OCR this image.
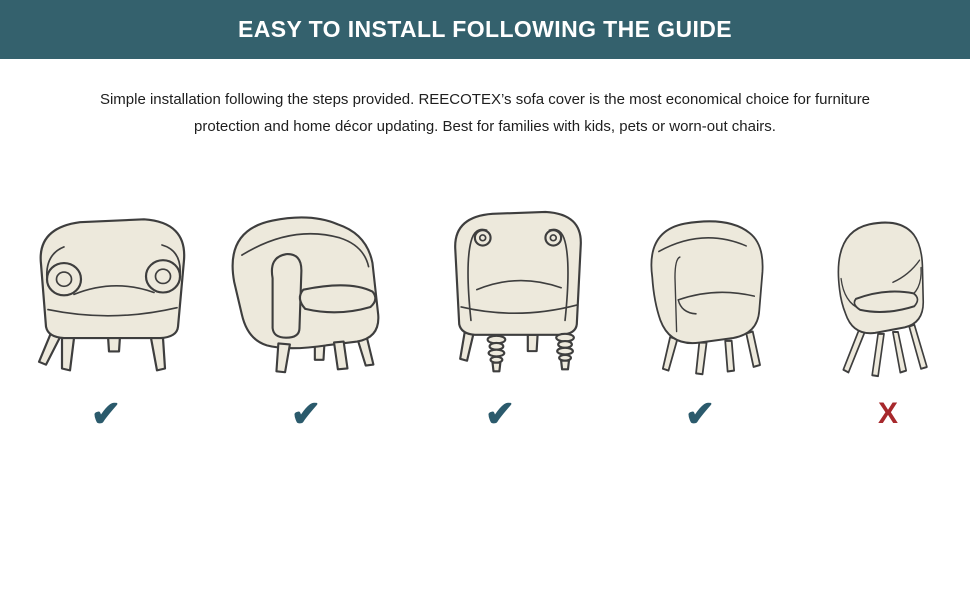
EASY TO INSTALL FOLLOWING THE GUIDE
Simple installation following the steps provided. REECOTEX’s sofa cover is the most economical choice for furniture
protection and home décor updating. Best for families with kids, pets or worn-out chairs.
✔	✔	✔	✔	X
